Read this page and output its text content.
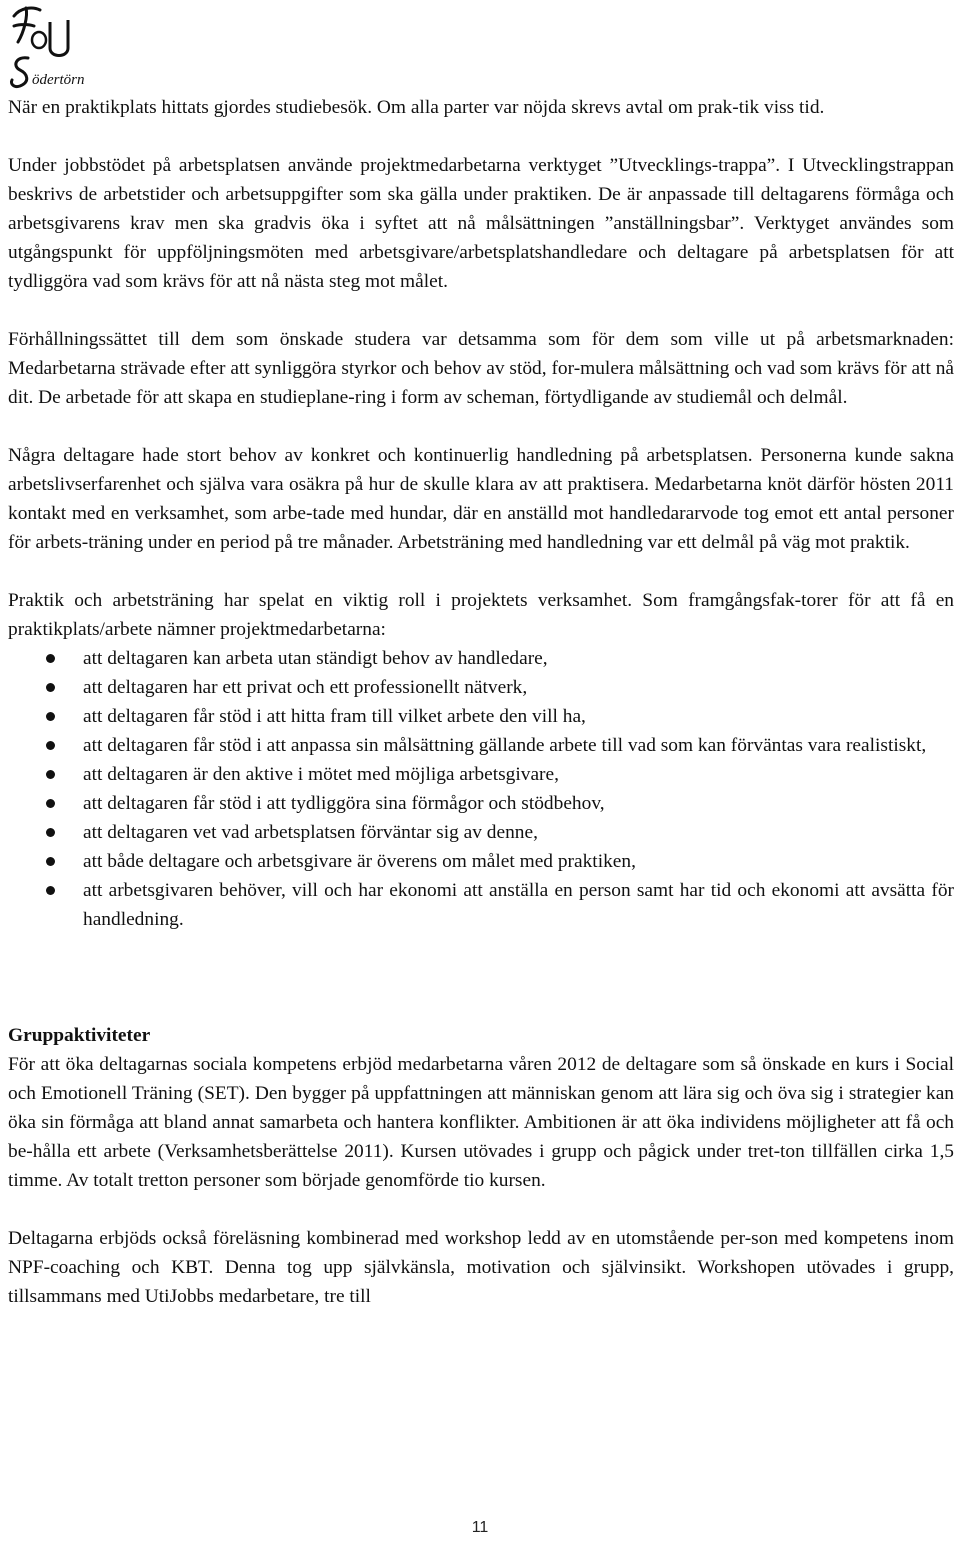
ödertörn

När en praktikplats hittats gjordes studiebesök. Om alla parter var nöjda skrevs avtal om prak-tik viss tid.

Under jobbstödet på arbetsplatsen använde projektmedarbetarna verktyget ”Utvecklings-trappa”. I Utvecklingstrappan beskrivs de arbetstider och arbetsuppgifter som ska gälla under praktiken. De är anpassade till deltagarens förmåga och arbetsgivarens krav men ska gradvis öka i syftet att nå målsättningen ”anställningsbar”. Verktyget användes som utgångspunkt för uppföljningsmöten med arbetsgivare/arbetsplatshandledare och deltagare på arbetsplatsen för att tydliggöra vad som krävs för att nå nästa steg mot målet.

Förhållningssättet till dem som önskade studera var detsamma som för dem som ville ut på arbetsmarknaden: Medarbetarna strävade efter att synliggöra styrkor och behov av stöd, for-mulera målsättning och vad som krävs för att nå dit. De arbetade för att skapa en studieplane-ring i form av scheman, förtydligande av studiemål och delmål.

Några deltagare hade stort behov av konkret och kontinuerlig handledning på arbetsplatsen. Personerna kunde sakna arbetslivserfarenhet och själva vara osäkra på hur de skulle klara av att praktisera. Medarbetarna knöt därför hösten 2011 kontakt med en verksamhet, som arbe-tade med hundar, där en anställd mot handledararvode tog emot ett antal personer för arbets-träning under en period på tre månader. Arbetsträning med handledning var ett delmål på väg mot praktik.

Praktik och arbetsträning har spelat en viktig roll i projektets verksamhet. Som framgångsfak-torer för att få en praktikplats/arbete nämner projektmedarbetarna:

att deltagaren kan arbeta utan ständigt behov av handledare,
att deltagaren har ett privat och ett professionellt nätverk,
att deltagaren får stöd i att hitta fram till vilket arbete den vill ha,
att deltagaren får stöd i att anpassa sin målsättning gällande arbete till vad som kan förväntas vara realistiskt,
att deltagaren är den aktive i mötet med möjliga arbetsgivare,
att deltagaren får stöd i att tydliggöra sina förmågor och stödbehov,
att deltagaren vet vad arbetsplatsen förväntar sig av denne,
att både deltagare och arbetsgivare är överens om målet med praktiken,
att arbetsgivaren behöver, vill och har ekonomi att anställa en person samt har tid och ekonomi att avsätta för handledning.
Gruppaktiviteter

För att öka deltagarnas sociala kompetens erbjöd medarbetarna våren 2012 de deltagare som så önskade en kurs i Social och Emotionell Träning (SET). Den bygger på uppfattningen att människan genom att lära sig och öva sig i strategier kan öka sin förmåga att bland annat samarbeta och hantera konflikter. Ambitionen är att öka individens möjligheter att få och be-hålla ett arbete (Verksamhetsberättelse 2011). Kursen utövades i grupp och pågick under tret-ton tillfällen cirka 1,5 timme. Av totalt tretton personer som började genomförde tio kursen.

Deltagarna erbjöds också föreläsning kombinerad med workshop ledd av en utomstående per-son med kompetens inom NPF-coaching och KBT. Denna tog upp självkänsla, motivation och självinsikt. Workshopen utövades i grupp, tillsammans med UtiJobbs medarbetare, tre till

11
